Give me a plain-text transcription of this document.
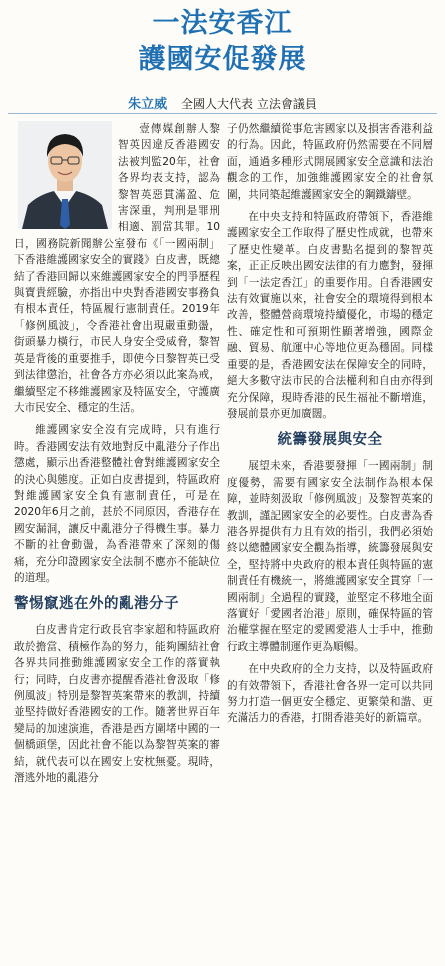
一法安香江
護國安促發展
朱立威 全國人大代表 立法會議員

壹傳媒創辦人黎智英因違反香港國安法被判監20年，社會各界均表支持，認為黎智英惡貫滿盈、危害深重，判刑是罪刑相適、罰當其罪。10日，國務院新聞辦公室發布《「一國兩制」下香港維護國家安全的實踐》白皮書，既總結了香港回歸以來維護國家安全的門爭歷程與寶貴經驗，亦指出中央對香港國安事務負有根本責任，特區履行憲制責任。2019年「修例風波」，令香港社會出現嚴重動盪，街頭暴力橫行，市民人身安全受威脅，黎智英是背後的重要推手，即使今日黎智英已受到法律懲治，社會各方亦必須以此案為戒，繼續堅定不移維護國家及特區安全，守護廣大市民安全、穩定的生活。

維護國家安全沒有完成時，只有進行時。香港國安法有效地對反中亂港分子作出懲處，顯示出香港整體社會對維護國家安全的決心與態度。正如白皮書提到，特區政府對維護國家安全負有憲制責任，可是在2020年6月之前，甚於不同原因，香港存在國安漏洞，讓反中亂港分子得機生事。暴力不斷的社會動盪，為香港帶來了深刻的傷痛，充分印證國家安全法制不應亦不能缺位的道理。

警惕竄逃在外的亂港分子

白皮書肯定行政長官李家超和特區政府敢於擔當、積極作為的努力，能夠團結社會各界共同推動維護國家安全工作的落實執行；同時，白皮書亦提醒香港社會汲取「修例風波」特別是黎智英案帶來的教訓，持續並堅持做好香港國安的工作。隨著世界百年變局的加速演進，香港是西方圍堵中國的一個橋頭堡，因此社會不能以為黎智英案的審結，就代表可以在國安上安枕無憂。現時，潛逃外地的亂港分

子仍然繼續從事危害國家以及損害香港利益的行為。因此，特區政府仍然需要在不同層面，通過多種形式開展國家安全意識和法治觀念的工作，加強維護國家安全的社會氛圍，共同築起維護國家安全的鋼鐵鑄壁。

在中央支持和特區政府帶領下，香港維護國家安全工作取得了歷史性成就，也帶來了歷史性變革。白皮書點名提到的黎智英案，正正反映出國安法律的有力應對，發揮到「一法定香江」的重要作用。自香港國安法有效實施以來，社會安全的環境得到根本改善，整體營商環境持續優化，市場的穩定性、確定性和可預期性顯著增強，國際金融、貿易、航運中心等地位更為穩固。同樣重要的是，香港國安法在保障安全的同時，絕大多數守法市民的合法權利和自由亦得到充分保障，現時香港的民生福祉不斷增進，發展前景亦更加廣闊。

統籌發展與安全

展望未來，香港要發揮「一國兩制」制度優勢，需要有國家安全法制作為根本保障，並時刻汲取「修例風波」及黎智英案的教訓，謹記國家安全的必要性。白皮書為香港各界提供有力且有效的指引，我們必須始終以總體國家安全觀為指導，統籌發展與安全，堅持將中央政府的根本責任與特區的憲制責任有機統一，將維護國家安全貫穿「一國兩制」全過程的實踐，並堅定不移地全面落實好「愛國者治港」原則，確保特區的管治權掌握在堅定的愛國愛港人士手中，推動行政主導體制運作更為順暢。

在中央政府的全力支持，以及特區政府的有效帶領下，香港社會各界一定可以共同努力打造一個更安全穩定、更繁榮和諧、更充滿活力的香港，打開香港美好的新篇章。
